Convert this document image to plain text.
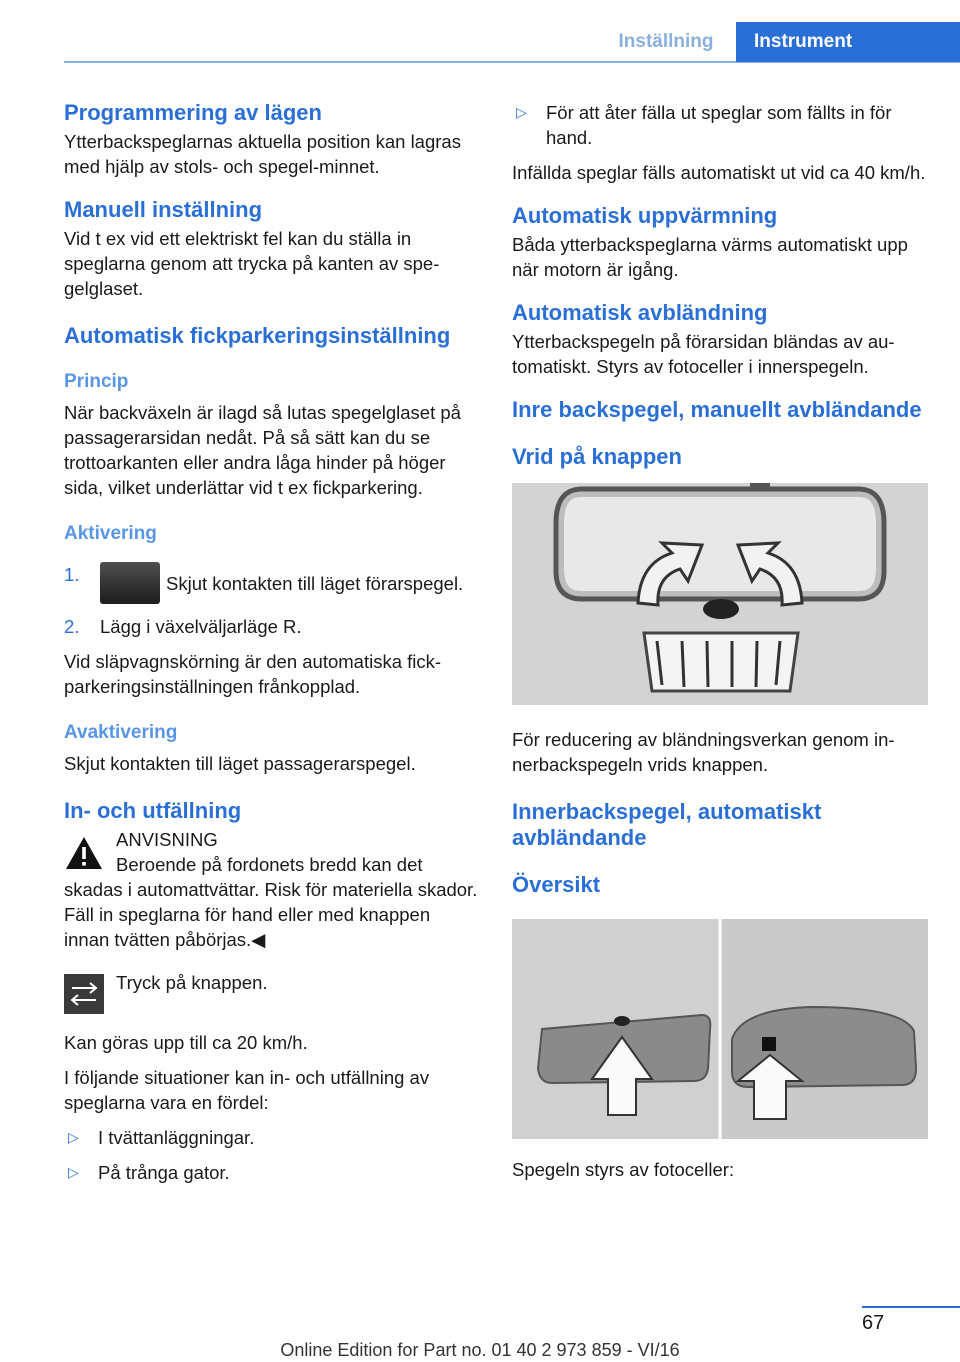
Inställning	Instrument
Programmering av lägen

Ytterbackspeglarnas aktuella position kan lagras med hjälp av stols- och spegel-minnet.

Manuell inställning

Vid t ex vid ett elektriskt fel kan du ställa in speglarna genom att trycka på kanten av spegelglaset.

Automatisk fickparkeringsinställning
Princip

När backväxeln är ilagd så lutas spegelglaset på passagerarsidan nedåt. På så sätt kan du se trottoarkanten eller andra låga hinder på höger sida, vilket underlättar vid t ex fickparkering.

Aktivering
1.	Skjut kontakten till läget förarspegel.
2. Lägg i växelväljarläge R.

Vid släpvagnskörning är den automatiska fickparkeringsinställningen frånkopplad.

Avaktivering

Skjut kontakten till läget passagerarspegel.

In- och utfällning

ANVISNING

Beroende på fordonets bredd kan det skadas i automattvättar. Risk för materiella skador. Fäll in speglarna för hand eller med knappen innan tvätten påbörjas.◀

Tryck på knappen.

Kan göras upp till ca 20 km/h.

I följande situationer kan in- och utfällning av speglarna vara en fördel:

▷ I tvättanläggningar.
▷ På trånga gator.
▷ För att åter fälla ut speglar som fällts in för hand.

Infällda speglar fälls automatiskt ut vid ca 40 km/h.

Automatisk uppvärmning

Båda ytterbackspeglarna värms automatiskt upp när motorn är igång.

Automatisk avbländning

Ytterbackspegeln på förarsidan bländas av automatiskt. Styrs av fotoceller i innerspegeln.

Inre backspegel, manuellt avbländande
Vrid på knappen

För reducering av bländningsverkan genom innerbackspegeln vrids knappen.

Innerbackspegel, automatiskt avbländande
Översikt

Spegeln styrs av fotoceller:

67
Online Edition for Part no. 01 40 2 973 859 - VI/16
